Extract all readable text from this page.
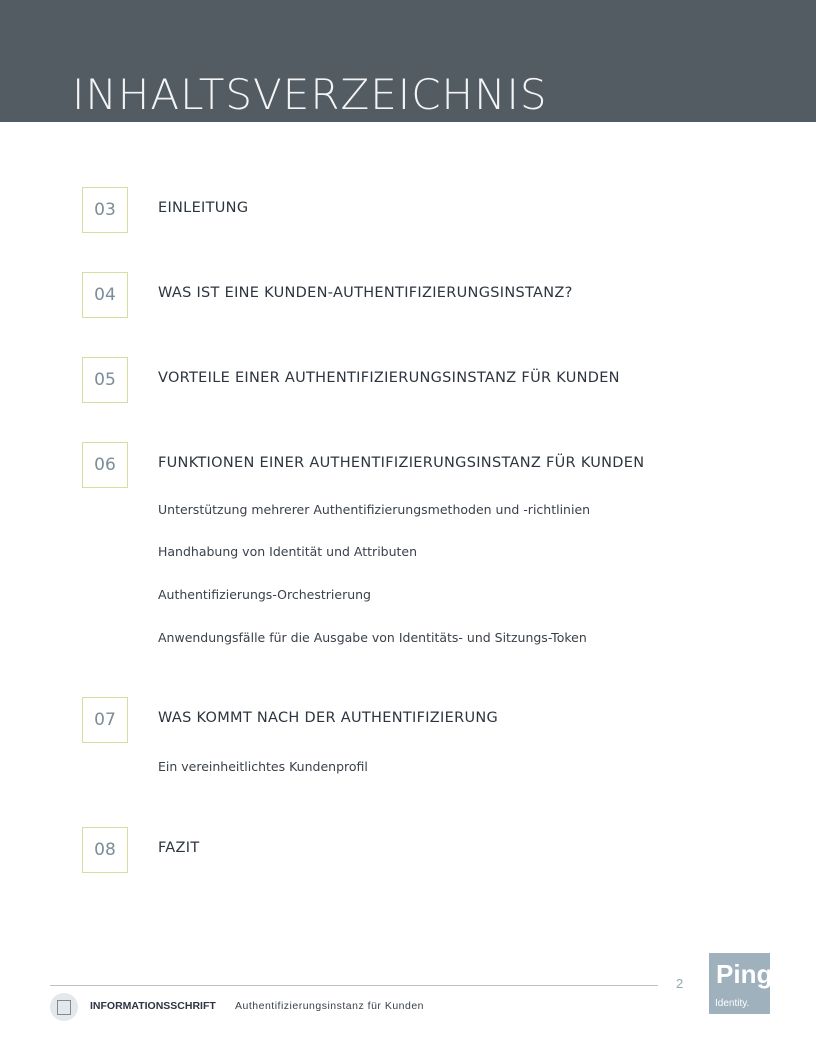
INHALTSVERZEICHNIS
03	EINLEITUNG
04	WAS IST EINE KUNDEN-AUTHENTIFIZIERUNGSINSTANZ?
05	VORTEILE EINER AUTHENTIFIZIERUNGSINSTANZ FÜR KUNDEN
06	FUNKTIONEN EINER AUTHENTIFIZIERUNGSINSTANZ FÜR KUNDEN
Unterstützung mehrerer Authentifizierungsmethoden und -richtlinien
Handhabung von Identität und Attributen
Authentifizierungs-Orchestrierung
Anwendungsfälle für die Ausgabe von Identitäts- und Sitzungs-Token
07	WAS KOMMT NACH DER AUTHENTIFIZIERUNG
Ein vereinheitlichtes Kundenprofil
08	FAZIT
2 Ping
Identity.
INFORMATIONSSCHRIFT Authentifizierungsinstanz für Kunden
